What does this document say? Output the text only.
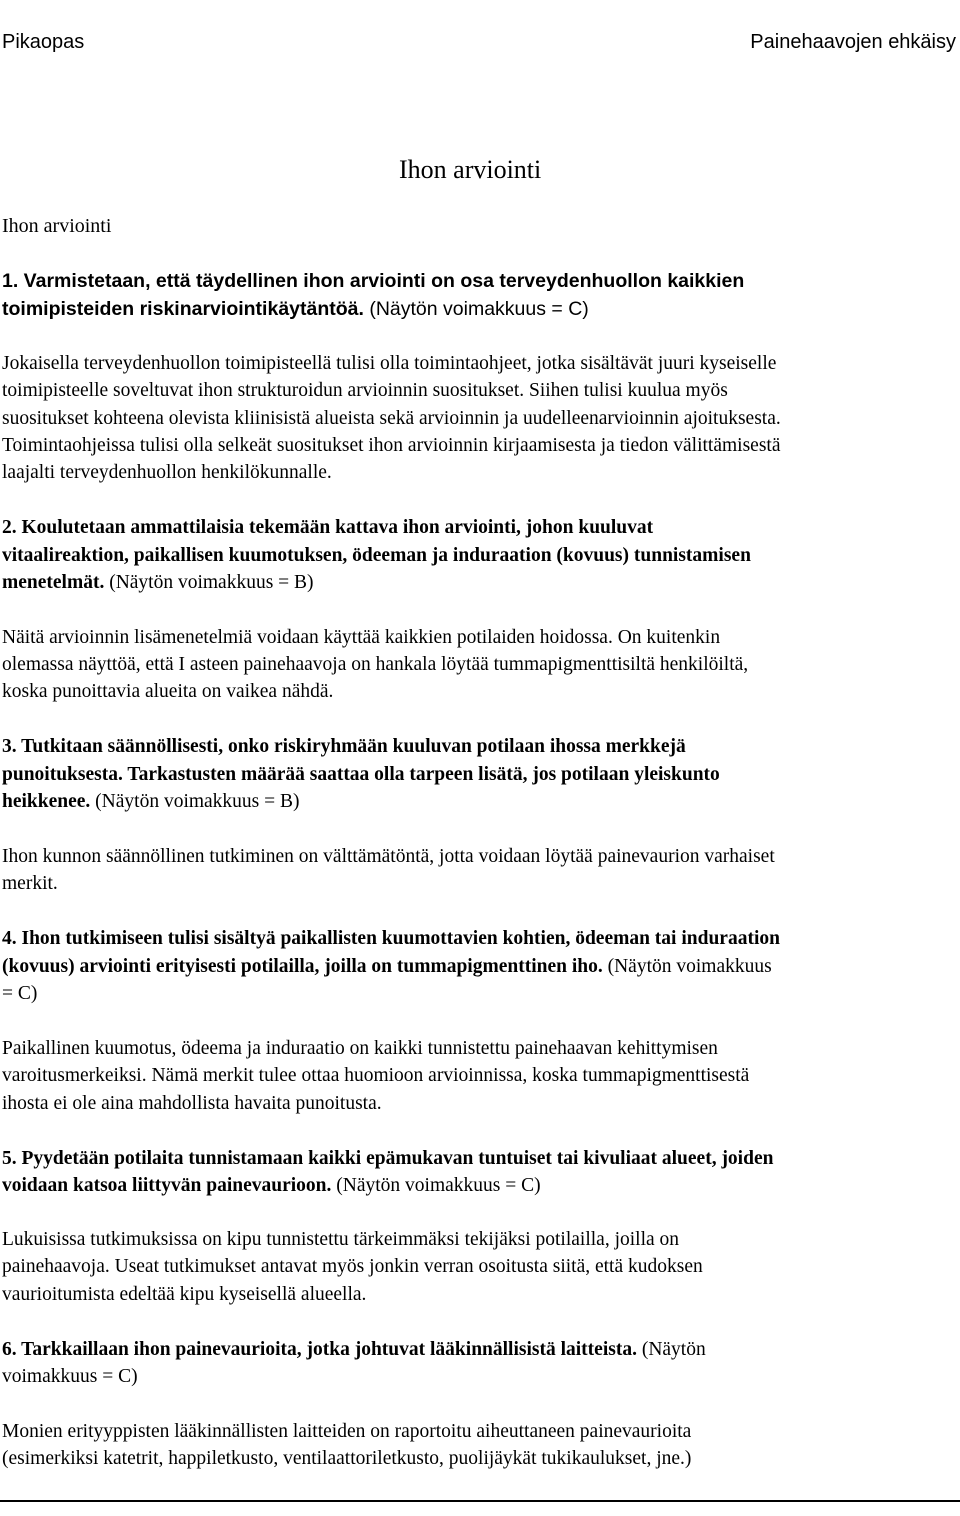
Pikaopas	Painehaavojen ehkäisy

Ihon arviointi
Ihon arviointi

1. Varmistetaan, että täydellinen ihon arviointi on osa terveydenhuollon kaikkien

toimipisteiden riskinarviointikäytäntöä. (Näytön voimakkuus = C)

Jokaisella terveydenhuollon toimipisteellä tulisi olla toimintaohjeet, jotka sisältävät juuri kyseiselle

toimipisteelle soveltuvat ihon strukturoidun arvioinnin suositukset. Siihen tulisi kuulua myös

suositukset kohteena olevista kliinisistä alueista sekä arvioinnin ja uudelleenarvioinnin ajoituksesta.

Toimintaohjeissa tulisi olla selkeät suositukset ihon arvioinnin kirjaamisesta ja tiedon välittämisestä

laajalti terveydenhuollon henkilökunnalle.

2. Koulutetaan ammattilaisia tekemään kattava ihon arviointi, johon kuuluvat

vitaalireaktion, paikallisen kuumotuksen, ödeeman ja induraation (kovuus) tunnistamisen

menetelmät. (Näytön voimakkuus = B)

Näitä arvioinnin lisämenetelmiä voidaan käyttää kaikkien potilaiden hoidossa. On kuitenkin

olemassa näyttöä, että I asteen painehaavoja on hankala löytää tummapigmenttisiltä henkilöiltä,

koska punoittavia alueita on vaikea nähdä.

3. Tutkitaan säännöllisesti, onko riskiryhmään kuuluvan potilaan ihossa merkkejä

punoituksesta. Tarkastusten määrää saattaa olla tarpeen lisätä, jos potilaan yleiskunto

heikkenee. (Näytön voimakkuus = B)

Ihon kunnon säännöllinen tutkiminen on välttämätöntä, jotta voidaan löytää painevaurion varhaiset

merkit.

4. Ihon tutkimiseen tulisi sisältyä paikallisten kuumottavien kohtien, ödeeman tai induraation

(kovuus) arviointi erityisesti potilailla, joilla on tummapigmenttinen iho. (Näytön voimakkuus

= C)

Paikallinen kuumotus, ödeema ja induraatio on kaikki tunnistettu painehaavan kehittymisen

varoitusmerkeiksi. Nämä merkit tulee ottaa huomioon arvioinnissa, koska tummapigmenttisestä

ihosta ei ole aina mahdollista havaita punoitusta.

5. Pyydetään potilaita tunnistamaan kaikki epämukavan tuntuiset tai kivuliaat alueet, joiden

voidaan katsoa liittyvän painevaurioon. (Näytön voimakkuus = C)

Lukuisissa tutkimuksissa on kipu tunnistettu tärkeimmäksi tekijäksi potilailla, joilla on

painehaavoja. Useat tutkimukset antavat myös jonkin verran osoitusta siitä, että kudoksen

vaurioitumista edeltää kipu kyseisellä alueella.

6. Tarkkaillaan ihon painevaurioita, jotka johtuvat lääkinnällisistä laitteista. (Näytön

voimakkuus = C)

Monien erityyppisten lääkinnällisten laitteiden on raportoitu aiheuttaneen painevaurioita

(esimerkiksi katetrit, happiletkusto, ventilaattoriletkusto, puolijäykät tukikaulukset, jne.)
